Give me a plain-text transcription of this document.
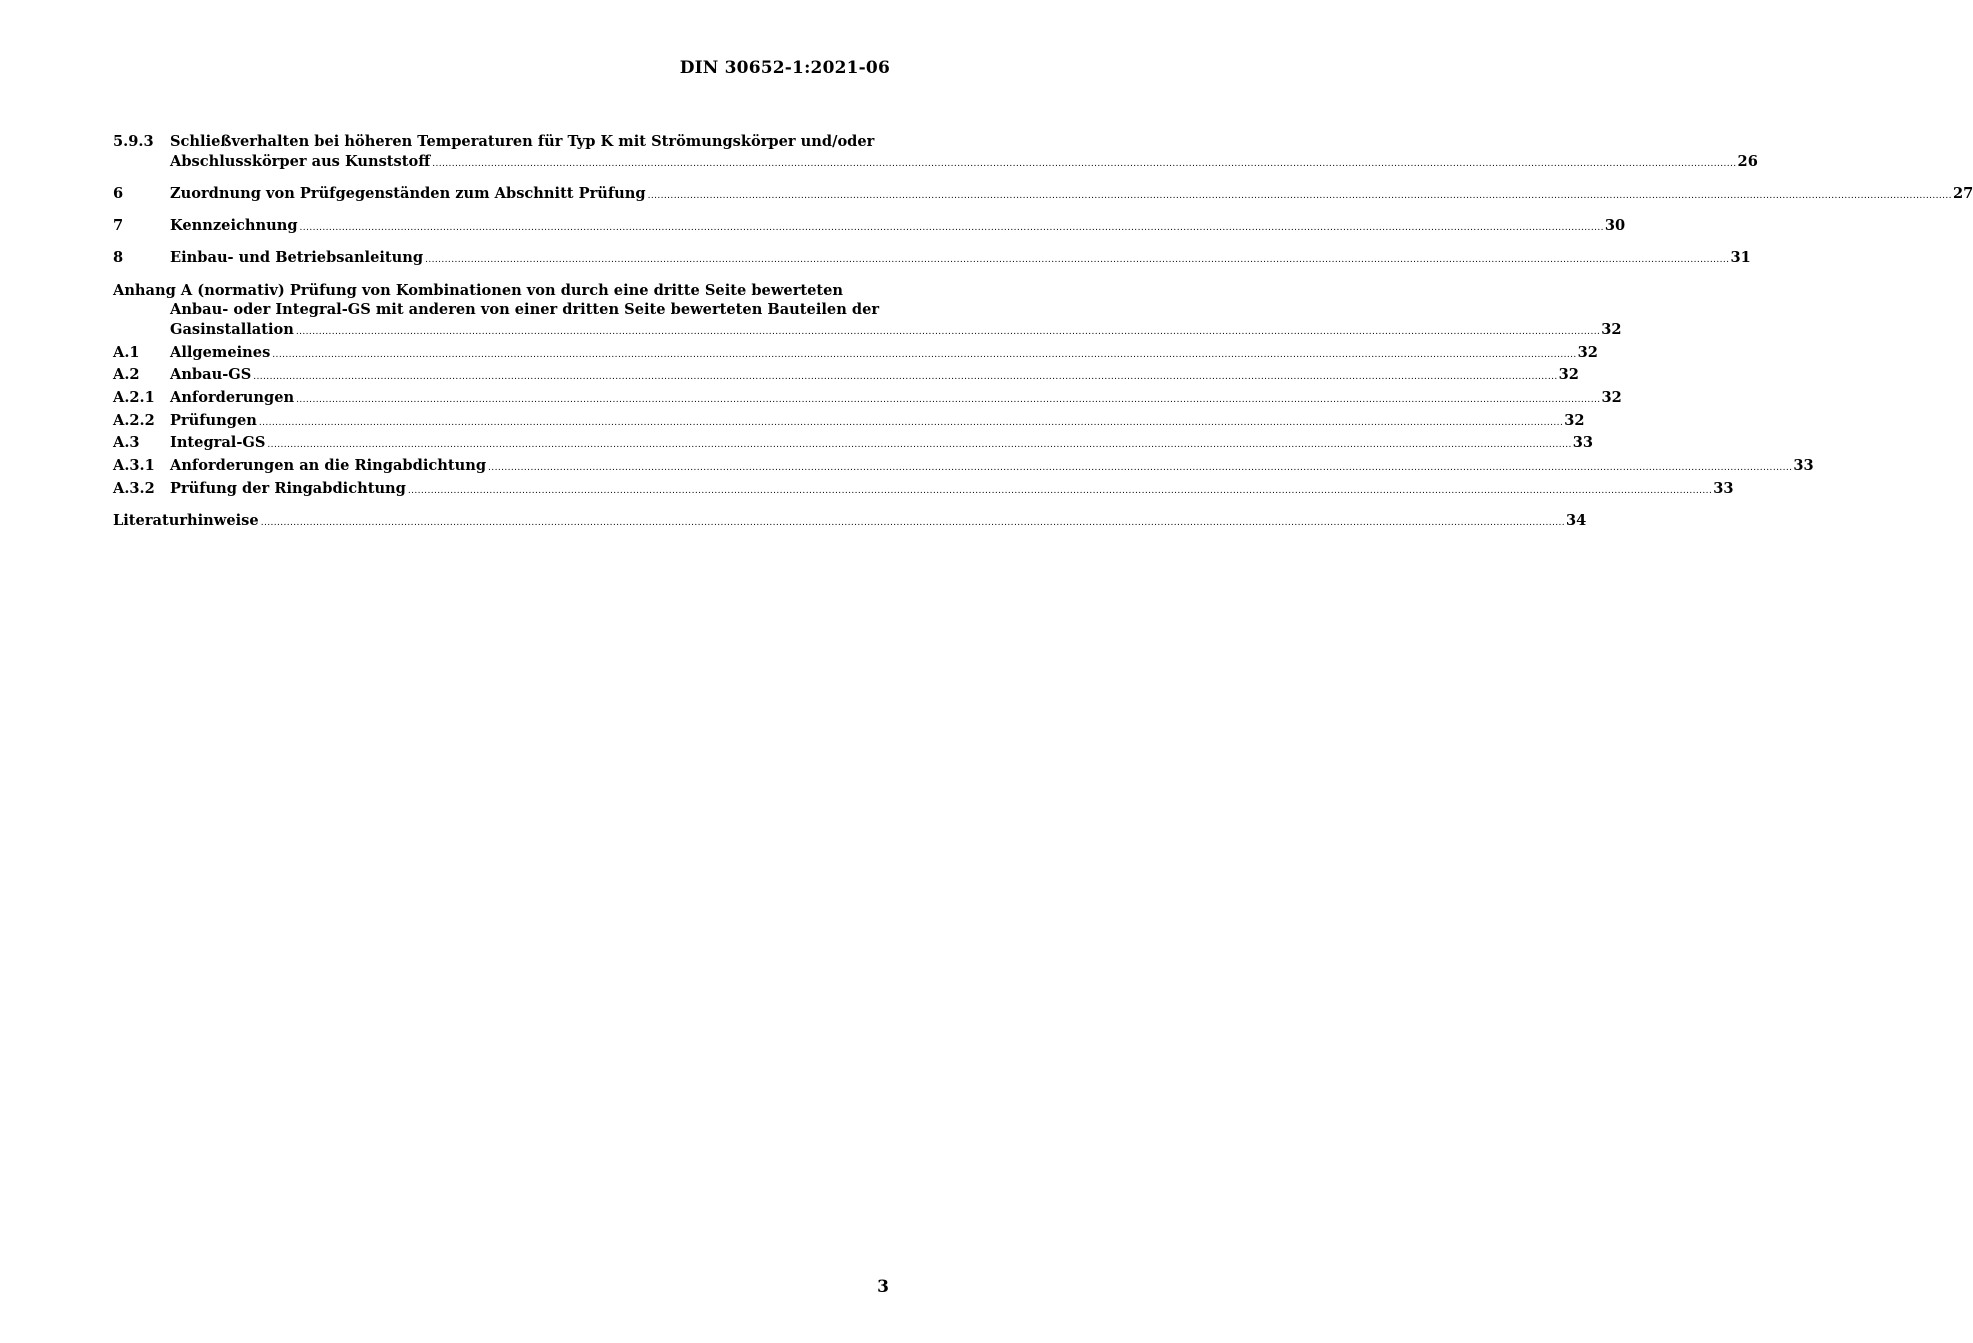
DIN 30652-1:2021-06
5.9.3	Schließverhalten bei höheren Temperaturen für Typ K mit Strömungskörper und/oder
Abschlusskörper aus Kunststoff ................................................................................................................................................................................................................................................................................................................................................................................................................ 26
6	Zuordnung von Prüfgegenständen zum Abschnitt Prüfung ................................................................................................................................................................................................................................................................................................................................................................................................................ 27
7	Kennzeichnung ................................................................................................................................................................................................................................................................................................................................................................................................................ 30
8	Einbau- und Betriebsanleitung ................................................................................................................................................................................................................................................................................................................................................................................................................ 31
Anhang A (normativ) Prüfung von Kombinationen von durch eine dritte Seite bewerteten
Anbau- oder Integral-GS mit anderen von einer dritten Seite bewerteten Bauteilen der
Gasinstallation ................................................................................................................................................................................................................................................................................................................................................................................................................ 32
A.1	Allgemeines ................................................................................................................................................................................................................................................................................................................................................................................................................ 32
A.2	Anbau-GS ................................................................................................................................................................................................................................................................................................................................................................................................................ 32
A.2.1	Anforderungen ................................................................................................................................................................................................................................................................................................................................................................................................................ 32
A.2.2	Prüfungen ................................................................................................................................................................................................................................................................................................................................................................................................................ 32
A.3	Integral-GS ................................................................................................................................................................................................................................................................................................................................................................................................................ 33
A.3.1	Anforderungen an die Ringabdichtung ................................................................................................................................................................................................................................................................................................................................................................................................................ 33
A.3.2	Prüfung der Ringabdichtung ................................................................................................................................................................................................................................................................................................................................................................................................................ 33
Literaturhinweise ................................................................................................................................................................................................................................................................................................................................................................................................................ 34
3
